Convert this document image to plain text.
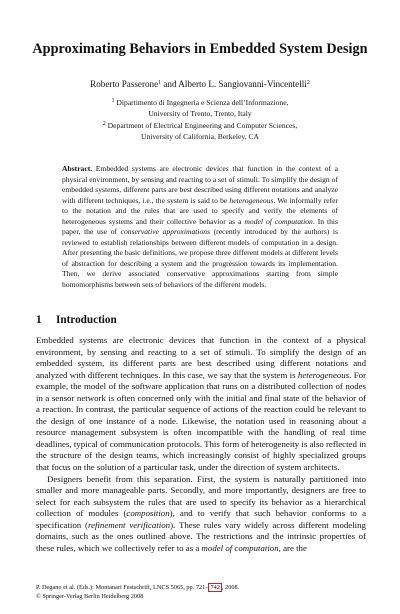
Approximating Behaviors in Embedded System Design
Roberto Passerone$^1$ and Alberto L. Sangiovanni-Vincentelli$^2$
$^1$ Dipartimento di Ingegneria e Scienza dell’Informazione,
University of Trento, Trento, Italy
$^2$ Department of Electrical Engineering and Computer Sciences,
University of California, Berkeley, CA
Abstract. Embedded systems are electronic devices that function in the context of a physical environment, by sensing and reacting to a set of stimuli. To simplify the design of embedded systems, different parts are best described using different notations and analyze with different techniques, i.e., the system is said to be heterogeneous. We informally refer to the notation and the rules that are used to specify and verify the elements of heterogeneous systems and their collective behavior as a model of computation. In this paper, the use of conservative approximations (recently introduced by the authors) is reviewed to establish relationships between different models of computation in a design. After presenting the basic definitions, we propose three different models at different levels of abstraction for describing a system and the progression towards its implementation. Then, we derive associated conservative approximations starting from simple homomorphisms between sets of behaviors of the different models.
1 Introduction

Embedded systems are electronic devices that function in the context of a physical environment, by sensing and reacting to a set of stimuli. To simplify the design of an embedded system, its different parts are best described using different notations and analyzed with different techniques. In this case, we say that the system is heterogeneous. For example, the model of the software application that runs on a distributed collection of nodes in a sensor network is often concerned only with the initial and final state of the behavior of a reaction. In contrast, the particular sequence of actions of the reaction could be relevant to the design of one instance of a node. Likewise, the notation used in reasoning about a resource management subsystem is often incompatible with the handling of real time deadlines, typical of communication protocols. This form of heterogeneity is also reflected in the structure of the design teams, which increasingly consist of highly specialized groups that focus on the solution of a particular task, under the direction of system architects.

Designers benefit from this separation. First, the system is naturally partitioned into smaller and more manageable parts. Secondly, and more importantly, designers are free to select for each subsystem the rules that are used to specify its behavior as a hierarchical collection of modules (composition), and to verify that such behavior conforms to a specification (refinement verification). These rules vary widely across different modeling domains, such as the ones outlined above. The restrictions and the intrinsic properties of these rules, which we collectively refer to as a model of computation, are the

P. Degano et al. (Eds.): Montanari Festschrift, LNCS 5065, pp. 721– 742 , 2008.
© Springer-Verlag Berlin Heidelberg 2008
